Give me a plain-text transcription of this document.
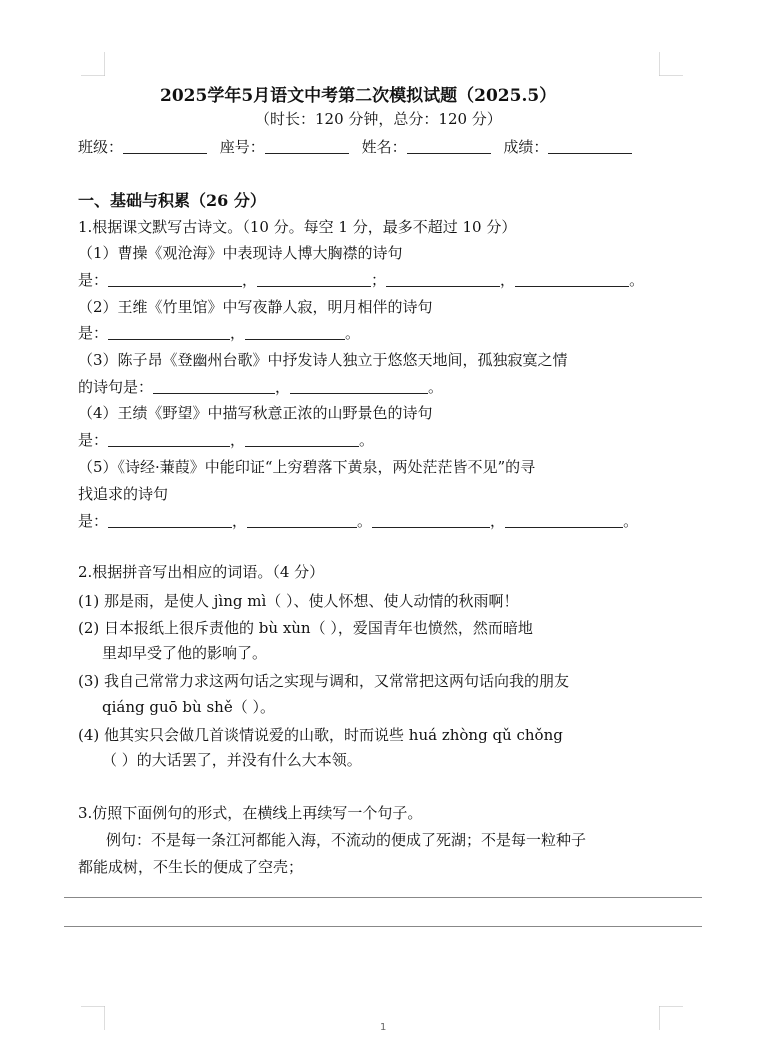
2025学年5月语文中考第二次模拟试题（2025.5）
（时长：120 分钟，总分：120 分）
班级：	座号：	姓名：	成绩：
一、基础与积累（26 分）
1.根据课文默写古诗文。（10 分。每空 1 分，最多不超过 10 分）
（1）曹操《观沧海》中表现诗人博大胸襟的诗句
是：	，	；	，	。
（2）王维《竹里馆》中写夜静人寂，明月相伴的诗句
是：	，	。
（3）陈子昂《登幽州台歌》中抒发诗人独立于悠悠天地间，孤独寂寞之情
的诗句是：	，	。
（4）王绩《野望》中描写秋意正浓的山野景色的诗句
是：	，	。
（5）《诗经·蒹葭》中能印证“上穷碧落下黄泉，两处茫茫皆不见”的寻
找追求的诗句
是：	，	。	，	。
2.根据拼音写出相应的词语。（4 分）
(1) 那是雨，是使人 jìng mì（ ）、使人怀想、使人动情的秋雨啊！
(2) 日本报纸上很斥责他的 bù xùn（ ），爱国青年也愤然，然而暗地
里却早受了他的影响了。
(3) 我自己常常力求这两句话之实现与调和，又常常把这两句话向我的朋友
qiáng guō bù shě（ ）。
(4) 他其实只会做几首谈情说爱的山歌，时而说些 huá zhòng qǔ chǒng
（ ）的大话罢了，并没有什么大本领。
3.仿照下面例句的形式，在横线上再续写一个句子。
例句：不是每一条江河都能入海，不流动的便成了死湖；不是每一粒种子
都能成树，不生长的便成了空壳；
1
